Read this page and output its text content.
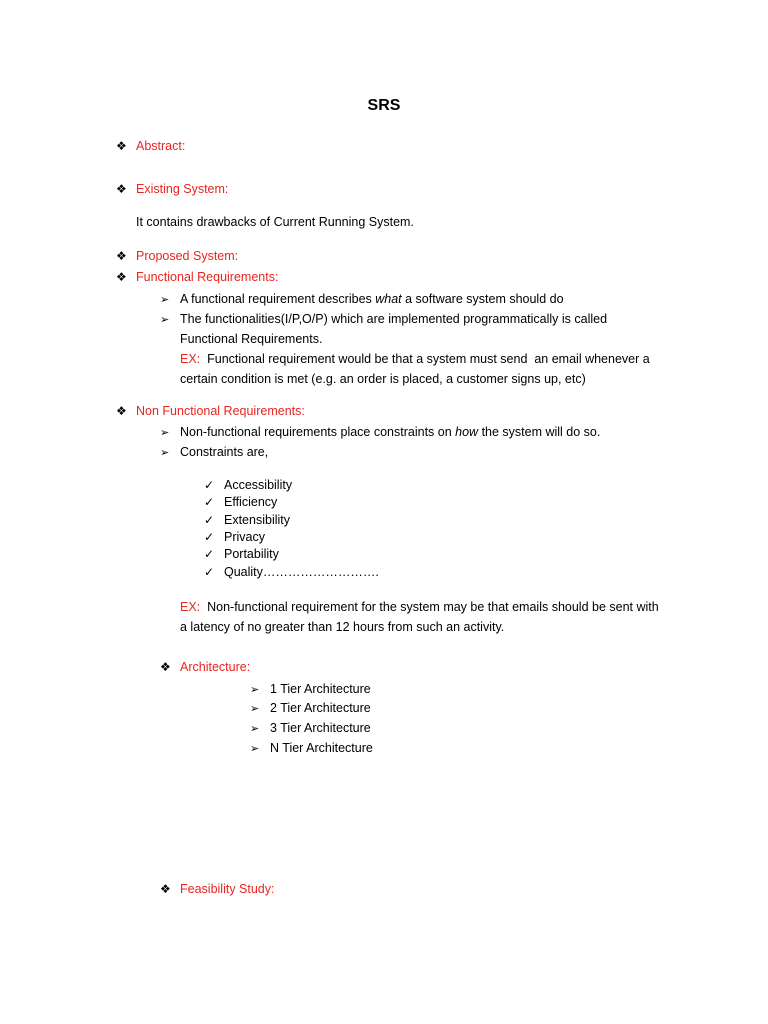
SRS
❖ Abstract:
❖ Existing System:
It contains drawbacks of Current Running System.
❖ Proposed System:
❖ Functional Requirements:
➢ A functional requirement describes what a software system should do
➢ The functionalities(I/P,O/P) which are implemented programmatically is called
Functional Requirements.
EX:  Functional requirement would be that a system must send  an email whenever a
certain condition is met (e.g. an order is placed, a customer signs up, etc)
❖ Non Functional Requirements:
➢ Non-functional requirements place constraints on how the system will do so.
➢ Constraints are,
✓ Accessibility
✓ Efficiency
✓ Extensibility
✓ Privacy
✓ Portability
✓ Quality……………………….
EX:  Non-functional requirement for the system may be that emails should be sent with
a latency of no greater than 12 hours from such an activity.
❖ Architecture:
➢ 1 Tier Architecture
➢ 2 Tier Architecture
➢ 3 Tier Architecture
➢ N Tier Architecture
❖ Feasibility Study:
